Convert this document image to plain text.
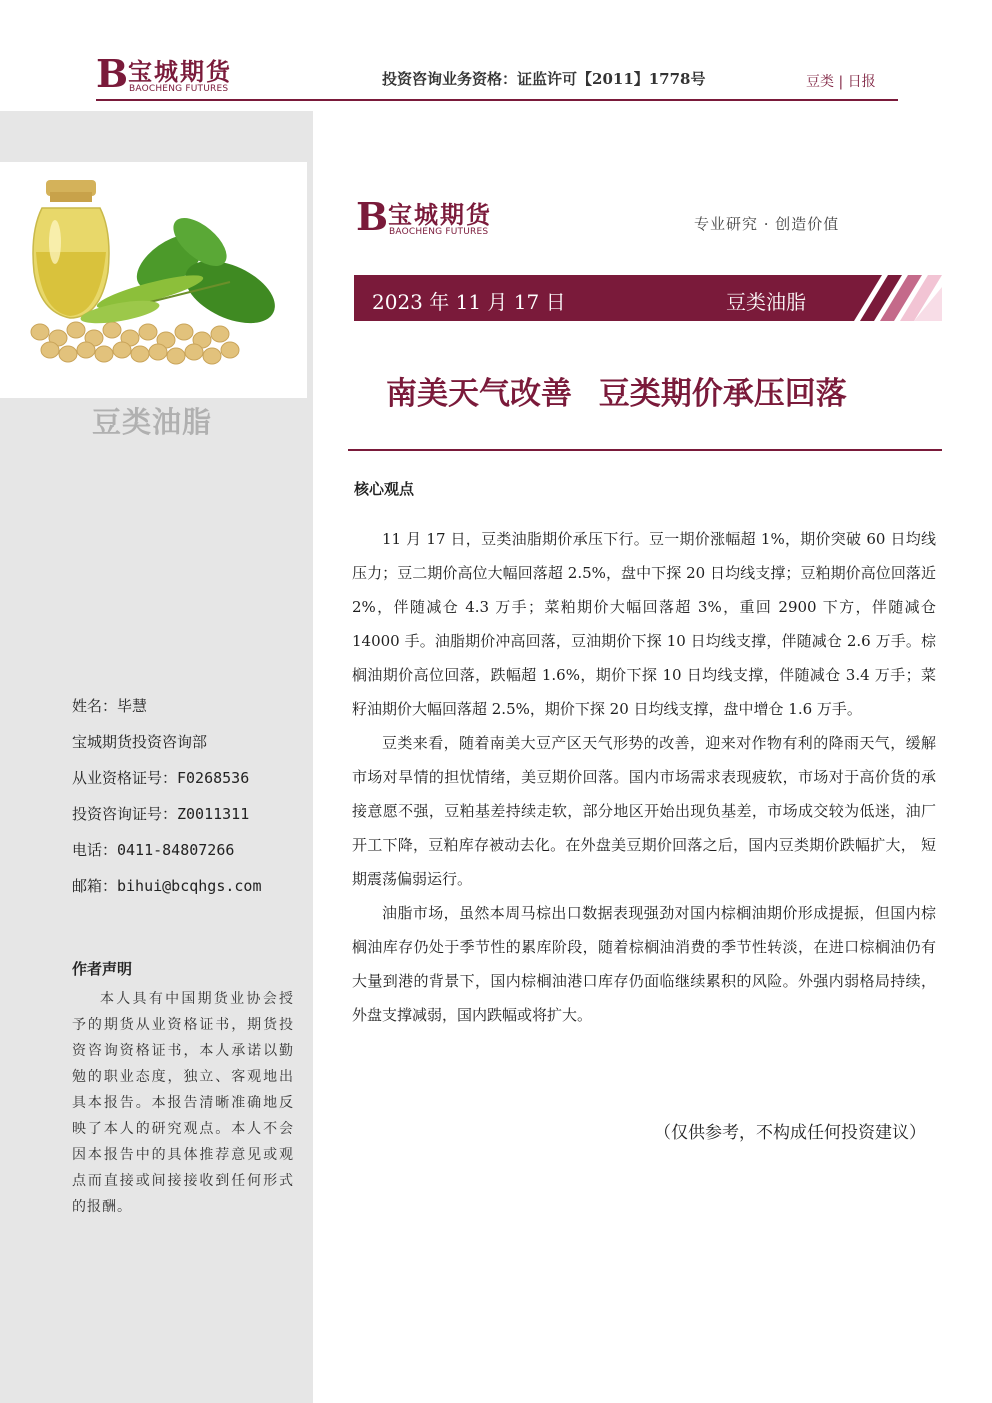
B 宝城期货
BAOCHENG FUTURES
投资咨询业务资格：证监许可【2011】1778号	豆类 | 日报
豆类油脂
姓名：毕慧
宝城期货投资咨询部
从业资格证号：F0268536
投资咨询证号：Z0011311
电话：0411-84807266
邮箱：bihui@bcqhgs.com
作者声明
本人具有中国期货业协会授予的期货从业资格证书，期货投资咨询资格证书，本人承诺以勤勉的职业态度，独立、客观地出具本报告。本报告清晰准确地反映了本人的研究观点。本人不会因本报告中的具体推荐意见或观点而直接或间接接收到任何形式的报酬。
B 宝城期货
BAOCHENG FUTURES	专业研究 · 创造价值
2023 年 11 月 17 日	豆类油脂
南美天气改善 豆类期价承压回落
核心观点

11 月 17 日，豆类油脂期价承压下行。豆一期价涨幅超 1%，期价突破 60 日均线压力；豆二期价高位大幅回落超 2.5%，盘中下探 20 日均线支撑；豆粕期价高位回落近 2%，伴随减仓 4.3 万手；菜粕期价大幅回落超 3%，重回 2900 下方，伴随减仓 14000 手。油脂期价冲高回落，豆油期价下探 10 日均线支撑，伴随减仓 2.6 万手。棕榈油期价高位回落，跌幅超 1.6%，期价下探 10 日均线支撑，伴随减仓 3.4 万手；菜籽油期价大幅回落超 2.5%，期价下探 20 日均线支撑，盘中增仓 1.6 万手。

豆类来看，随着南美大豆产区天气形势的改善，迎来对作物有利的降雨天气，缓解市场对旱情的担忧情绪，美豆期价回落。国内市场需求表现疲软，市场对于高价货的承接意愿不强，豆粕基差持续走软，部分地区开始出现负基差，市场成交较为低迷，油厂开工下降，豆粕库存被动去化。在外盘美豆期价回落之后，国内豆类期价跌幅扩大， 短期震荡偏弱运行。

油脂市场，虽然本周马棕出口数据表现强劲对国内棕榈油期价形成提振，但国内棕榈油库存仍处于季节性的累库阶段，随着棕榈油消费的季节性转淡，在进口棕榈油仍有大量到港的背景下，国内棕榈油港口库存仍面临继续累积的风险。外强内弱格局持续，外盘支撑减弱，国内跌幅或将扩大。

（仅供参考，不构成任何投资建议）
